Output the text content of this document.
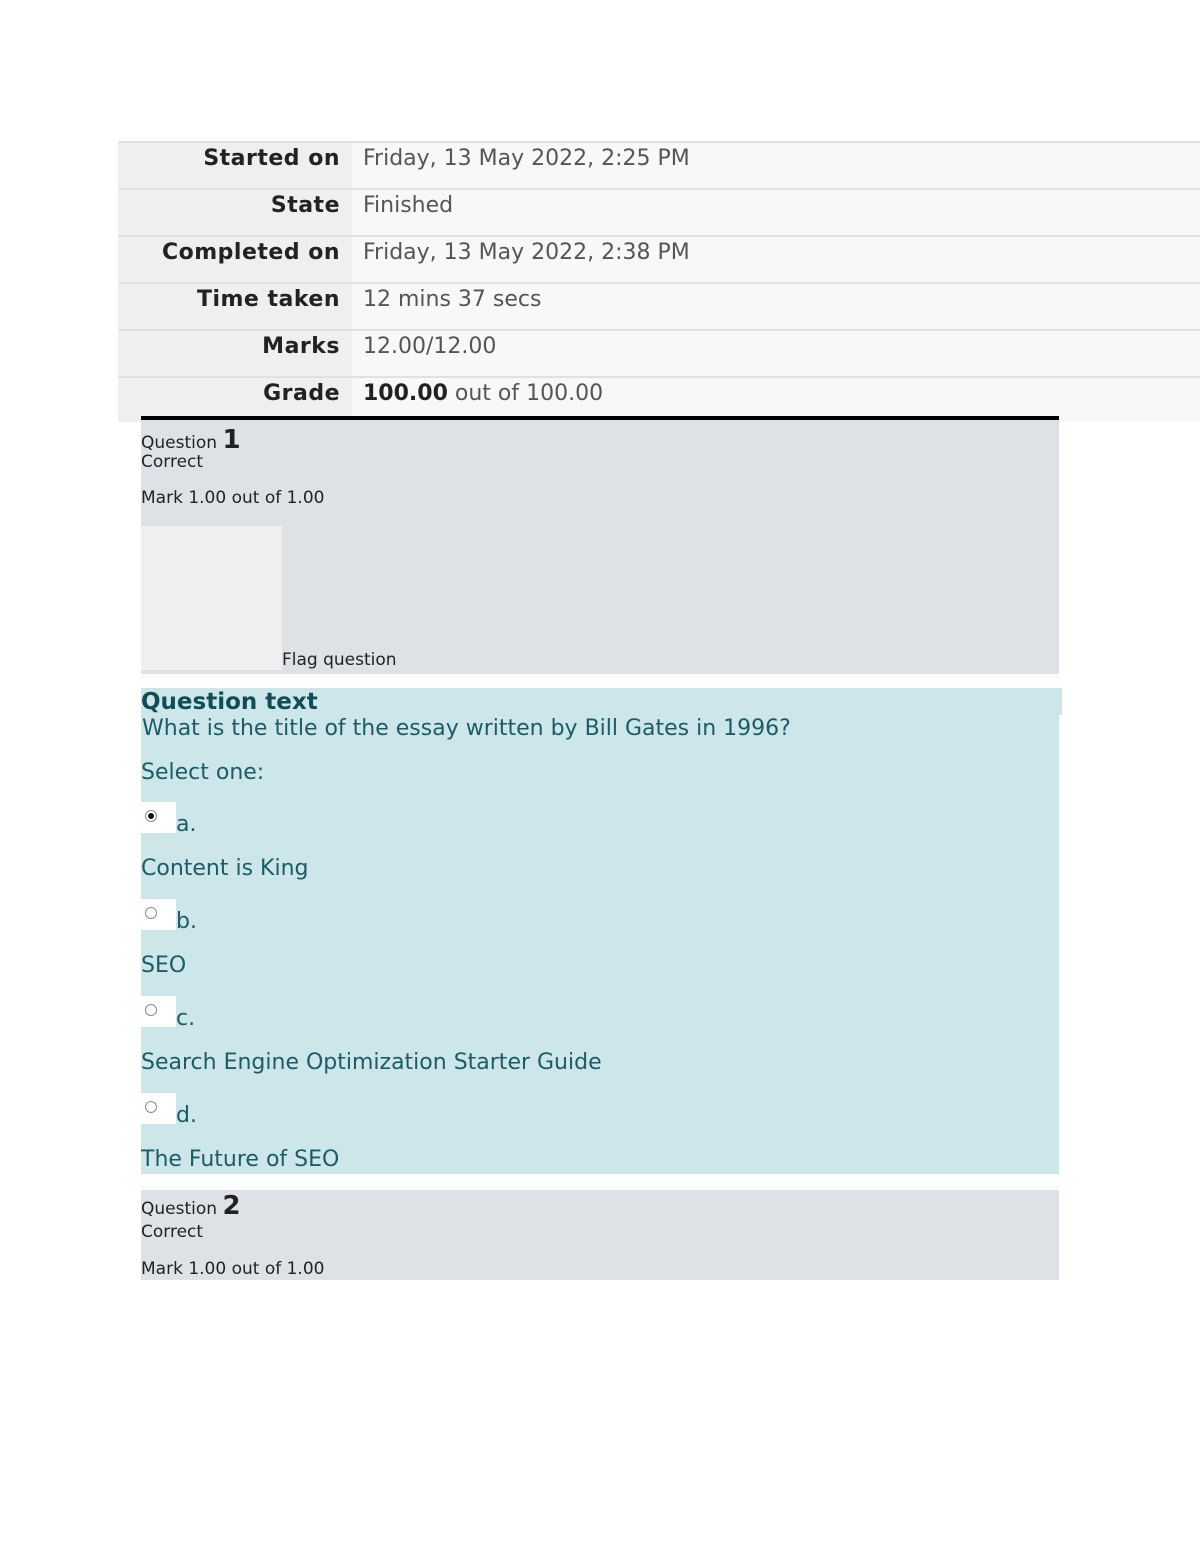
Started on	Friday, 13 May 2022, 2:25 PM
State	Finished
Completed on	Friday, 13 May 2022, 2:38 PM
Time taken	12 mins 37 secs
Marks	12.00/12.00
Grade	100.00 out of 100.00
Question 1
Correct
Mark 1.00 out of 1.00
Flag question
Question text
What is the title of the essay written by Bill Gates in 1996?
Select one:
a.
Content is King
b.
SEO
c.
Search Engine Optimization Starter Guide
d.
The Future of SEO
Question 2
Correct
Mark 1.00 out of 1.00
